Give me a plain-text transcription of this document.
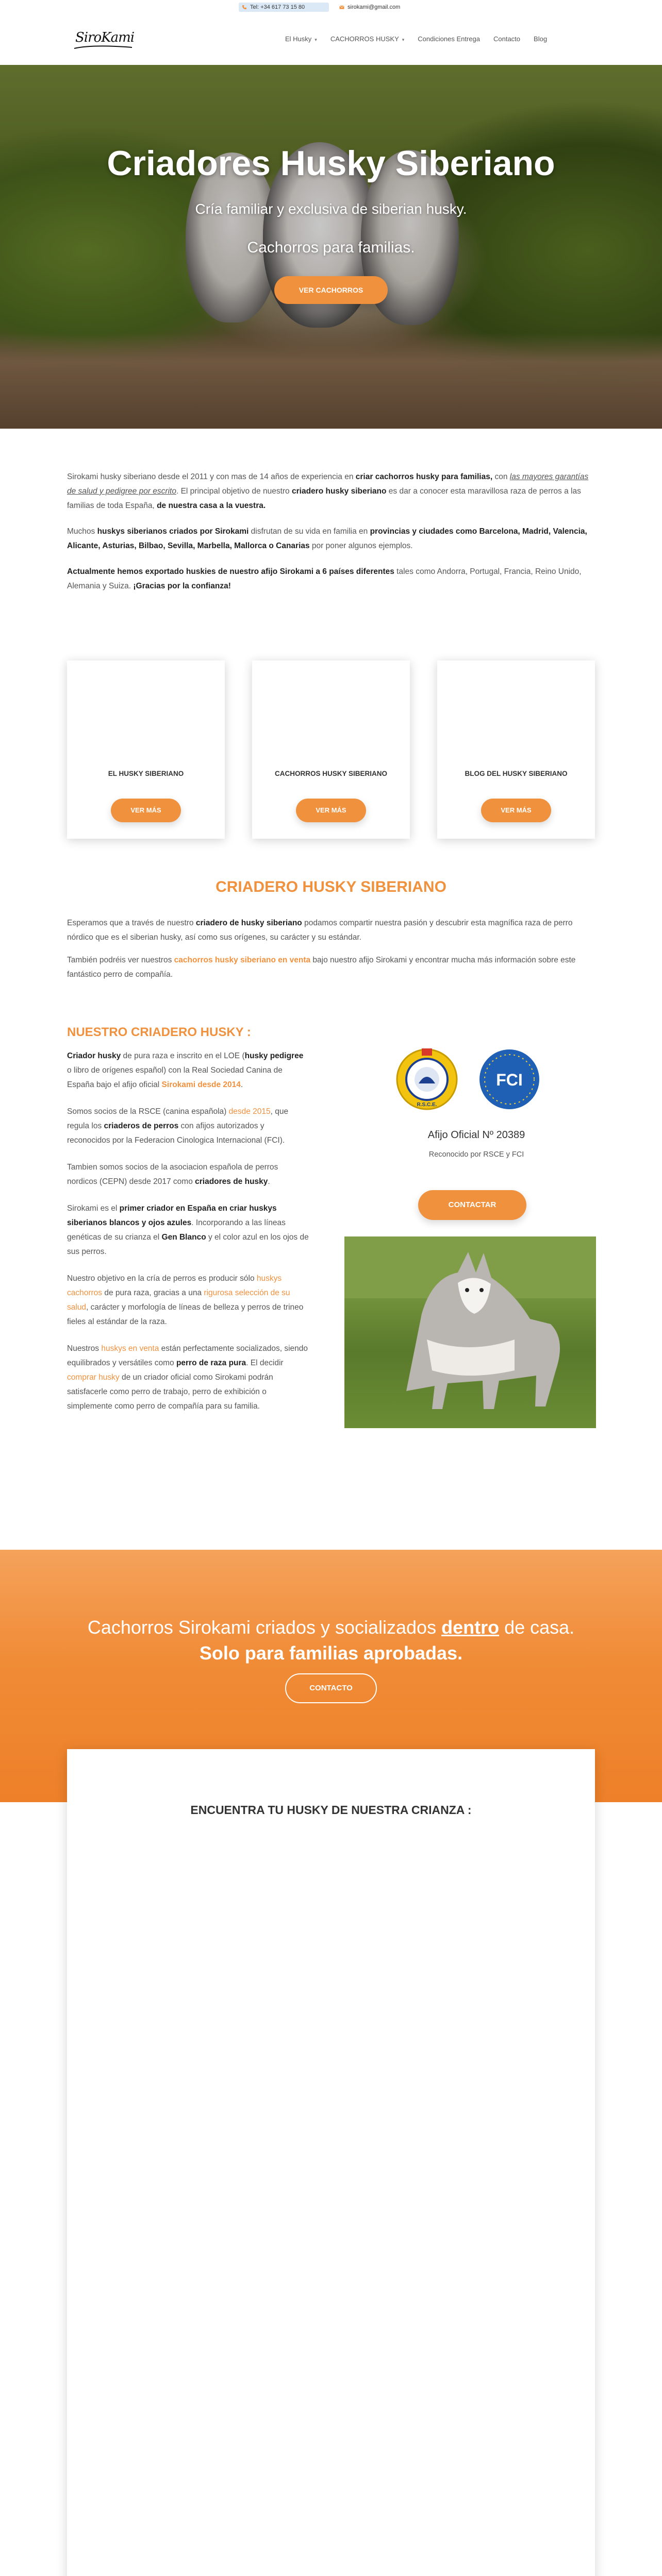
Tel: +34 617 73 15 80	sirokami@gmail.com
SiroKami	El Husky ▾ CACHORROS HUSKY ▾ Condiciones Entrega Contacto Blog
Criadores Husky Siberiano
Cría familiar y exclusiva de siberian husky.
Cachorros para familias.
VER CACHORROS

Sirokami husky siberiano desde el 2011 y con mas de 14 años de experiencia en criar cachorros husky para familias, con las mayores garantías de salud y pedigree por escrito. El principal objetivo de nuestro criadero husky siberiano es dar a conocer esta maravillosa raza de perros a las familias de toda España, de nuestra casa a la vuestra.

Muchos huskys siberianos criados por Sirokami disfrutan de su vida en familia en provincias y ciudades como Barcelona, Madrid, Valencia, Alicante, Asturias, Bilbao, Sevilla, Marbella, Mallorca o Canarias por poner algunos ejemplos.

Actualmente hemos exportado huskies de nuestro afijo Sirokami a 6 países diferentes tales como Andorra, Portugal, Francia, Reino Unido, Alemania y Suiza. ¡Gracias por la confianza!

EL HUSKY SIBERIANO
VER MÁS
CACHORROS HUSKY SIBERIANO
VER MÁS
BLOG DEL HUSKY SIBERIANO
VER MÁS
CRIADERO HUSKY SIBERIANO

Esperamos que a través de nuestro criadero de husky siberiano podamos compartir nuestra pasión y descubrir esta magnífica raza de perro nórdico que es el siberian husky, así como sus orígenes, su carácter y su estándar.

También podréis ver nuestros cachorros husky siberiano en venta bajo nuestro afijo Sirokami y encontrar mucha más información sobre este fantástico perro de compañía.

NUESTRO CRIADERO HUSKY :

Criador husky de pura raza e inscrito en el LOE (husky pedigree o libro de orígenes español) con la Real Sociedad Canina de España bajo el afijo oficial Sirokami desde 2014.

Somos socios de la RSCE (canina española) desde 2015, que regula los criaderos de perros con afijos autorizados y reconocidos por la Federacion Cinologica Internacional (FCI).

Tambien somos socios de la asociacion española de perros nordicos (CEPN) desde 2017 como criadores de husky.

Sirokami es el primer criador en España en criar huskys siberianos blancos y ojos azules. Incorporando a las líneas genéticas de su crianza el Gen Blanco y el color azul en los ojos de sus perros.

Nuestro objetivo en la cría de perros es producir sólo huskys cachorros de pura raza, gracias a una rigurosa selección de su salud, carácter y morfología de líneas de belleza y perros de trineo fieles al estándar de la raza.

Nuestros huskys en venta están perfectamente socializados, siendo equilibrados y versátiles como perro de raza pura. El decidir comprar husky de un criador oficial como Sirokami podrán satisfacerle como perro de trabajo, perro de exhibición o simplemente como perro de compañía para su familia.

R.S.C.E.
FCI
Afijo Oficial Nº 20389
Reconocido por RSCE y FCI
CONTACTAR
Cachorros Sirokami criados y socializados dentro de casa.
Solo para familias aprobadas.
CONTACTO
ENCUENTRA TU HUSKY DE NUESTRA CRIANZA :
